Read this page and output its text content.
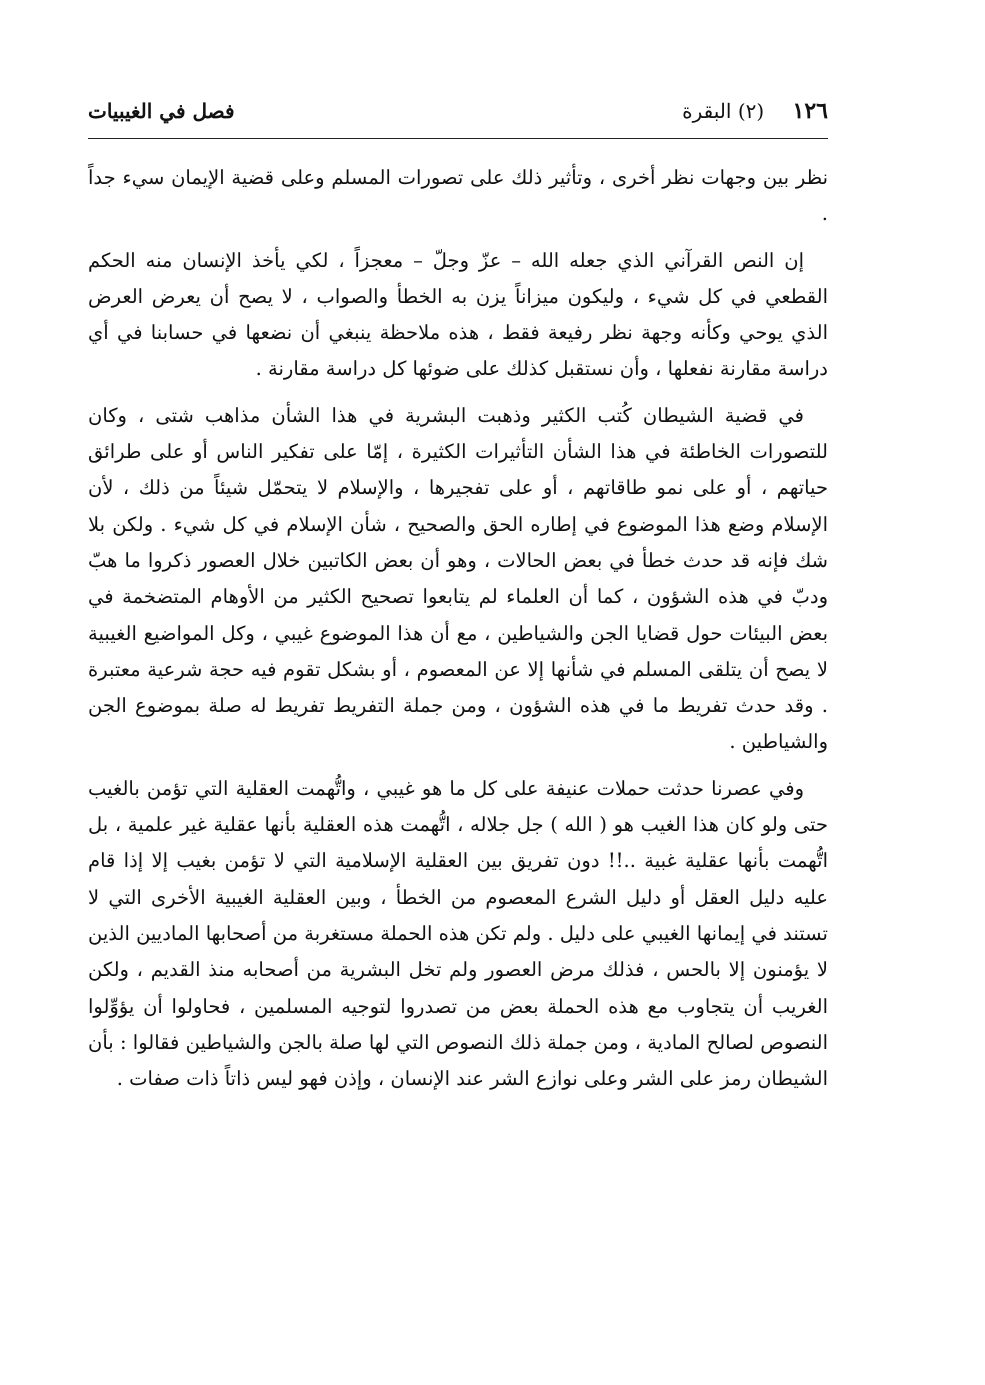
١٢٦ (٢) البقرة
فصل في الغيبيات

نظر بين وجهات نظر أخرى ، وتأثير ذلك على تصورات المسلم وعلى قضية الإيمان سيء جداً .

إن النص القرآني الذي جعله الله – عزّ وجلّ – معجزاً ، لكي يأخذ الإنسان منه الحكم القطعي في كل شيء ، وليكون ميزاناً يزن به الخطأ والصواب ، لا يصح أن يعرض العرض الذي يوحي وكأنه وجهة نظر رفيعة فقط ، هذه ملاحظة ينبغي أن نضعها في حسابنا في أي دراسة مقارنة نفعلها ، وأن نستقبل كذلك على ضوئها كل دراسة مقارنة .

في قضية الشيطان كُتب الكثير وذهبت البشرية في هذا الشأن مذاهب شتى ، وكان للتصورات الخاطئة في هذا الشأن التأثيرات الكثيرة ، إمّا على تفكير الناس أو على طرائق حياتهم ، أو على نمو طاقاتهم ، أو على تفجيرها ، والإسلام لا يتحمّل شيئاً من ذلك ، لأن الإسلام وضع هذا الموضوع في إطاره الحق والصحيح ، شأن الإسلام في كل شيء . ولكن بلا شك فإنه قد حدث خطأ في بعض الحالات ، وهو أن بعض الكاتبين خلال العصور ذكروا ما هبّ ودبّ في هذه الشؤون ، كما أن العلماء لم يتابعوا تصحيح الكثير من الأوهام المتضخمة في بعض البيئات حول قضايا الجن والشياطين ، مع أن هذا الموضوع غيبي ، وكل المواضيع الغيبية لا يصح أن يتلقى المسلم في شأنها إلا عن المعصوم ، أو بشكل تقوم فيه حجة شرعية معتبرة . وقد حدث تفريط ما في هذه الشؤون ، ومن جملة التفريط تفريط له صلة بموضوع الجن والشياطين .

وفي عصرنا حدثت حملات عنيفة على كل ما هو غيبي ، واتُّهمت العقلية التي تؤمن بالغيب حتى ولو كان هذا الغيب هو ( الله ) جل جلاله ، اتُّهمت هذه العقلية بأنها عقلية غير علمية ، بل اتُّهمت بأنها عقلية غبية ..!! دون تفريق بين العقلية الإسلامية التي لا تؤمن بغيب إلا إذا قام عليه دليل العقل أو دليل الشرع المعصوم من الخطأ ، وبين العقلية الغيبية الأخرى التي لا تستند في إيمانها الغيبي على دليل . ولم تكن هذه الحملة مستغربة من أصحابها الماديين الذين لا يؤمنون إلا بالحس ، فذلك مرض العصور ولم تخل البشرية من أصحابه منذ القديم ، ولكن الغريب أن يتجاوب مع هذه الحملة بعض من تصدروا لتوجيه المسلمين ، فحاولوا أن يؤوِّلوا النصوص لصالح المادية ، ومن جملة ذلك النصوص التي لها صلة بالجن والشياطين فقالوا : بأن الشيطان رمز على الشر وعلى نوازع الشر عند الإنسان ، وإذن فهو ليس ذاتاً ذات صفات .
